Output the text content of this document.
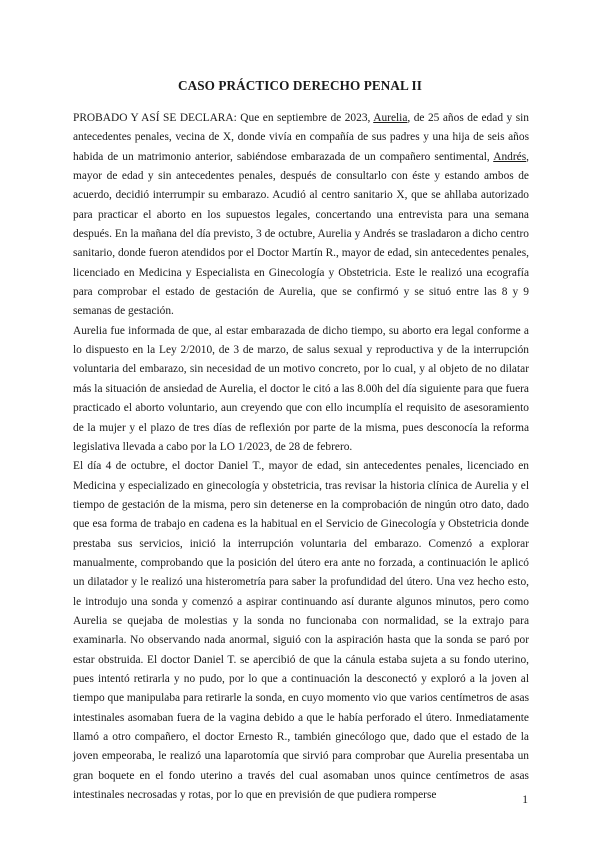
CASO PRÁCTICO DERECHO PENAL II

PROBADO Y ASÍ SE DECLARA: Que en septiembre de 2023, Aurelia, de 25 años de edad y sin antecedentes penales, vecina de X, donde vivía en compañía de sus padres y una hija de seis años habida de un matrimonio anterior, sabiéndose embarazada de un compañero sentimental, Andrés, mayor de edad y sin antecedentes penales, después de consultarlo con éste y estando ambos de acuerdo, decidió interrumpir su embarazo. Acudió al centro sanitario X, que se ahllaba autorizado para practicar el aborto en los supuestos legales, concertando una entrevista para una semana después. En la mañana del día previsto, 3 de octubre, Aurelia y Andrés se trasladaron a dicho centro sanitario, donde fueron atendidos por el Doctor Martín R., mayor de edad, sin antecedentes penales, licenciado en Medicina y Especialista en Ginecología y Obstetricia. Este le realizó una ecografía para comprobar el estado de gestación de Aurelia, que se confirmó y se situó entre las 8 y 9 semanas de gestación.

Aurelia fue informada de que, al estar embarazada de dicho tiempo, su aborto era legal conforme a lo dispuesto en la Ley 2/2010, de 3 de marzo, de salus sexual y reproductiva y de la interrupción voluntaria del embarazo, sin necesidad de un motivo concreto, por lo cual, y al objeto de no dilatar más la situación de ansiedad de Aurelia, el doctor le citó a las 8.00h del día siguiente para que fuera practicado el aborto voluntario, aun creyendo que con ello incumplía el requisito de asesoramiento de la mujer y el plazo de tres días de reflexión por parte de la misma, pues desconocía la reforma legislativa llevada a cabo por la LO 1/2023, de 28 de febrero.

El día 4 de octubre, el doctor Daniel T., mayor de edad, sin antecedentes penales, licenciado en Medicina y especializado en ginecología y obstetricia, tras revisar la historia clínica de Aurelia y el tiempo de gestación de la misma, pero sin detenerse en la comprobación de ningún otro dato, dado que esa forma de trabajo en cadena es la habitual en el Servicio de Ginecología y Obstetricia donde prestaba sus servicios, inició la interrupción voluntaria del embarazo. Comenzó a explorar manualmente, comprobando que la posición del útero era ante no forzada, a continuación le aplicó un dilatador y le realizó una histerometría para saber la profundidad del útero. Una vez hecho esto, le introdujo una sonda y comenzó a aspirar continuando así durante algunos minutos, pero como Aurelia se quejaba de molestias y la sonda no funcionaba con normalidad, se la extrajo para examinarla. No observando nada anormal, siguió con la aspiración hasta que la sonda se paró por estar obstruida. El doctor Daniel T. se apercibió de que la cánula estaba sujeta a su fondo uterino, pues intentó retirarla y no pudo, por lo que a continuación la desconectó y exploró a la joven al tiempo que manipulaba para retirarle la sonda, en cuyo momento vio que varios centímetros de asas intestinales asomaban fuera de la vagina debido a que le había perforado el útero. Inmediatamente llamó a otro compañero, el doctor Ernesto R., también ginecólogo que, dado que el estado de la joven empeoraba, le realizó una laparotomía que sirvió para comprobar que Aurelia presentaba un gran boquete en el fondo uterino a través del cual asomaban unos quince centímetros de asas intestinales necrosadas y rotas, por lo que en previsión de que pudiera romperse	1
